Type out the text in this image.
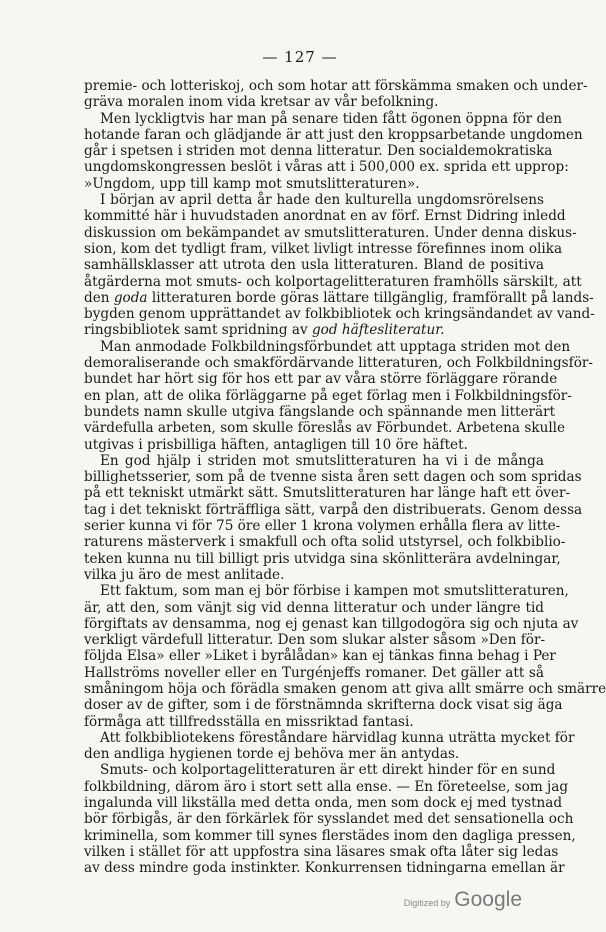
— 127 —
premie- och lotteriskoj, och som hotar att förskämma smaken och under-
gräva moralen inom vida kretsar av vår befolkning.
Men lyckligtvis har man på senare tiden fått ögonen öppna för den
hotande faran och glädjande är att just den kroppsarbetande ungdomen
går i spetsen i striden mot denna litteratur. Den socialdemokratiska
ungdomskongressen beslöt i våras att i 500,000 ex. sprida ett upprop:
»Ungdom, upp till kamp mot smutslitteraturen».
I början av april detta år hade den kulturella ungdomsrörelsens
kommitté här i huvudstaden anordnat en av förf. Ernst Didring inledd
diskussion om bekämpandet av smutslitteraturen. Under denna diskus-
sion, kom det tydligt fram, vilket livligt intresse förefinnes inom olika
samhällsklasser att utrota den usla litteraturen. Bland de positiva
åtgärderna mot smuts- och kolportagelitteraturen framhölls särskilt, att
den goda litteraturen borde göras lättare tillgänglig, framförallt på lands-
bygden genom upprättandet av folkbibliotek och kringsändandet av vand-
ringsbibliotek samt spridning av god häftesliteratur.
Man anmodade Folkbildningsförbundet att upptaga striden mot den
demoraliserande och smakfördärvande litteraturen, och Folkbildningsför-
bundet har hört sig för hos ett par av våra större förläggare rörande
en plan, att de olika förläggarne på eget förlag men i Folkbildningsför-
bundets namn skulle utgiva fängslande och spännande men litterärt
värdefulla arbeten, som skulle föreslås av Förbundet. Arbetena skulle
utgivas i prisbilliga häften, antagligen till 10 öre häftet.
En god hjälp i striden mot smutslitteraturen ha vi i de många
billighetsserier, som på de tvenne sista åren sett dagen och som spridas
på ett tekniskt utmärkt sätt. Smutslitteraturen har länge haft ett över-
tag i det tekniskt förträffliga sätt, varpå den distribuerats. Genom dessa
serier kunna vi för 75 öre eller 1 krona volymen erhålla flera av litte-
raturens mästerverk i smakfull och ofta solid utstyrsel, och folkbiblio-
teken kunna nu till billigt pris utvidga sina skönlitterära avdelningar,
vilka ju äro de mest anlitade.
Ett faktum, som man ej bör förbise i kampen mot smutslitteraturen,
är, att den, som vänjt sig vid denna litteratur och under längre tid
förgiftats av densamma, nog ej genast kan tillgodogöra sig och njuta av
verkligt värdefull litteratur. Den som slukar alster såsom »Den för-
följda Elsa» eller »Liket i byrålådan» kan ej tänkas finna behag i Per
Hallströms noveller eller en Turgénjeffs romaner. Det gäller att så
småningom höja och förädla smaken genom att giva allt smärre och smärre
doser av de gifter, som i de förstnämnda skrifterna dock visat sig äga
förmåga att tillfredsställa en missriktad fantasi.
Att folkbibliotekens föreståndare härvidlag kunna uträtta mycket för
den andliga hygienen torde ej behöva mer än antydas.
Smuts- och kolportagelitteraturen är ett direkt hinder för en sund
folkbildning, därom äro i stort sett alla ense. — En företeelse, som jag
ingalunda vill likställa med detta onda, men som dock ej med tystnad
bör förbigås, är den förkärlek för sysslandet med det sensationella och
kriminella, som kommer till synes flerstädes inom den dagliga pressen,
vilken i stället för att uppfostra sina läsares smak ofta låter sig ledas
av dess mindre goda instinkter. Konkurrensen tidningarna emellan är
Digitized by Google
